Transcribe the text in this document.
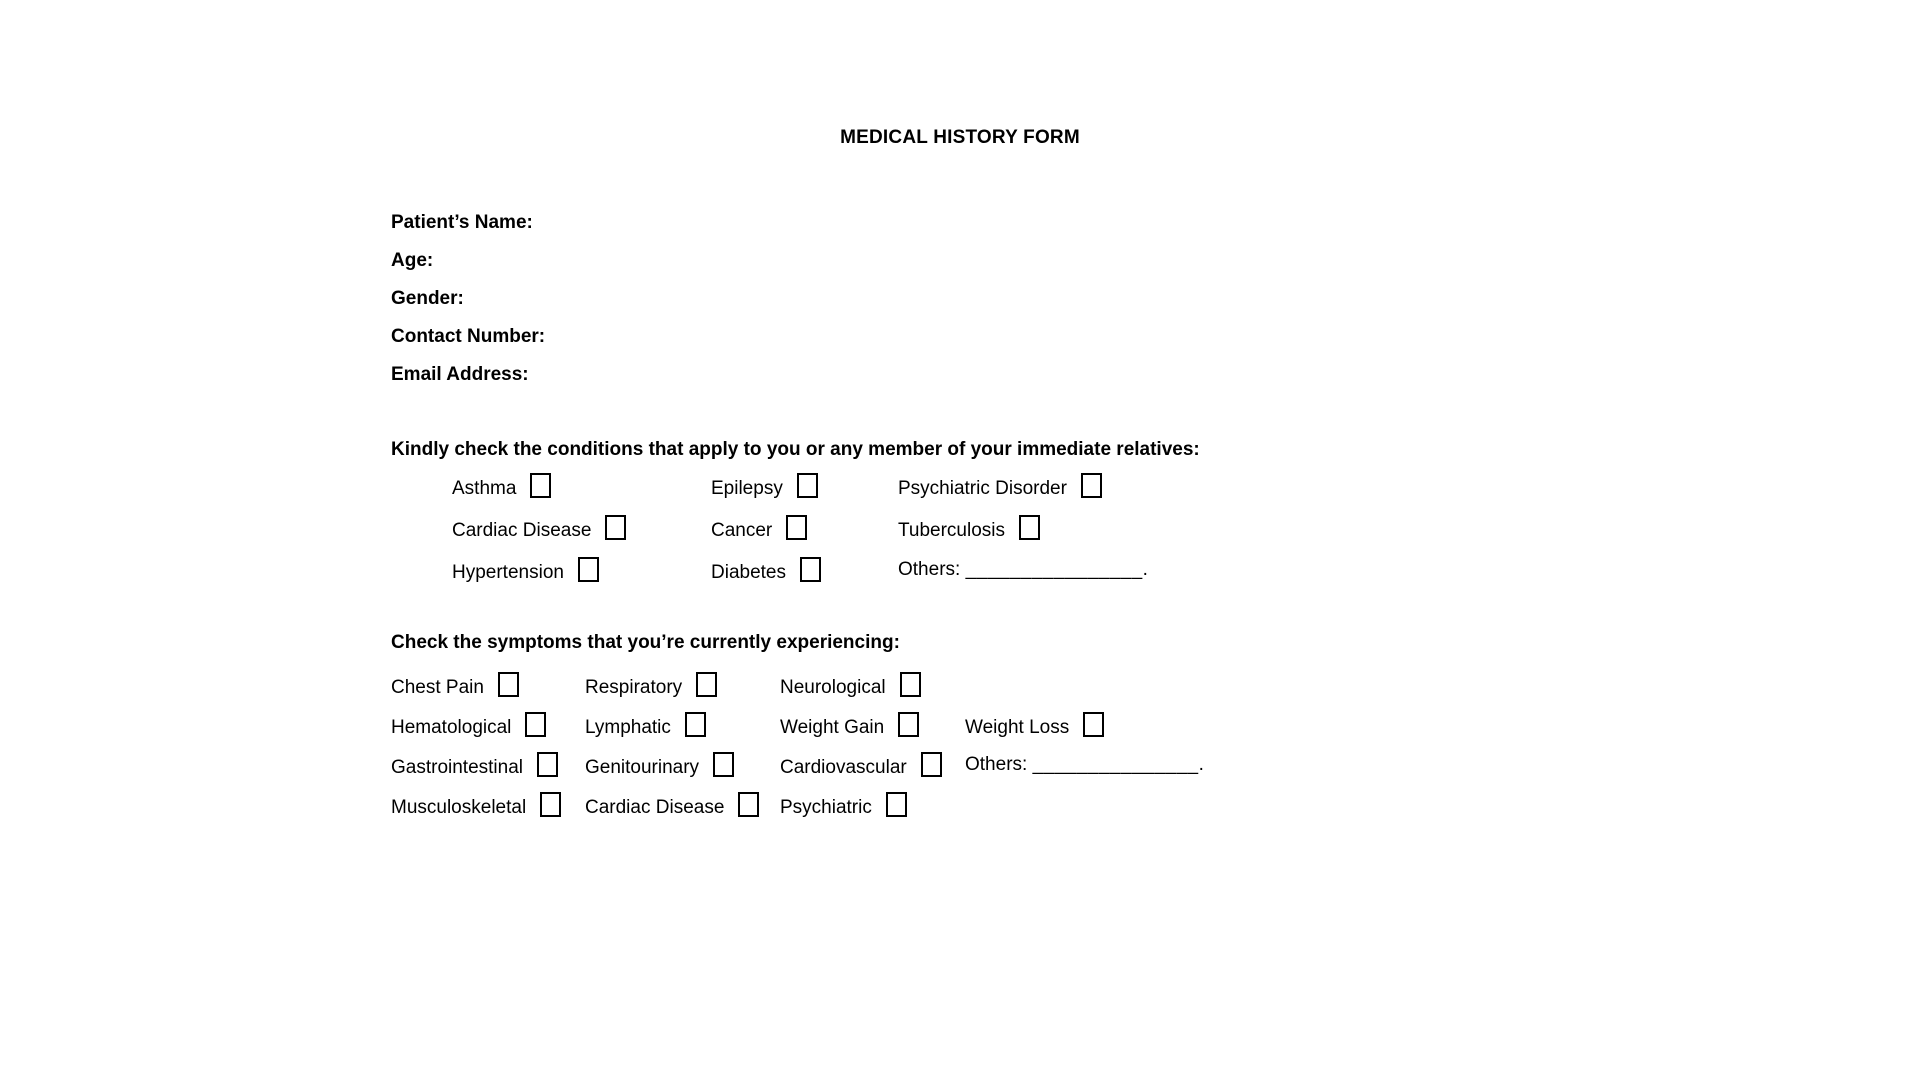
MEDICAL HISTORY FORM
Patient’s Name:
Age:
Gender:
Contact Number:
Email Address:
Kindly check the conditions that apply to you or any member of your immediate relatives:
Asthma	Epilepsy	Psychiatric Disorder
Cardiac Disease	Cancer	Tuberculosis
Hypertension	Diabetes	Others: ________________.
Check the symptoms that you’re currently experiencing:
Chest Pain	Respiratory	Neurological
Hematological	Lymphatic	Weight Gain	Weight Loss
Gastrointestinal	Genitourinary	Cardiovascular	Others: _______________.
Musculoskeletal	Cardiac Disease	Psychiatric
